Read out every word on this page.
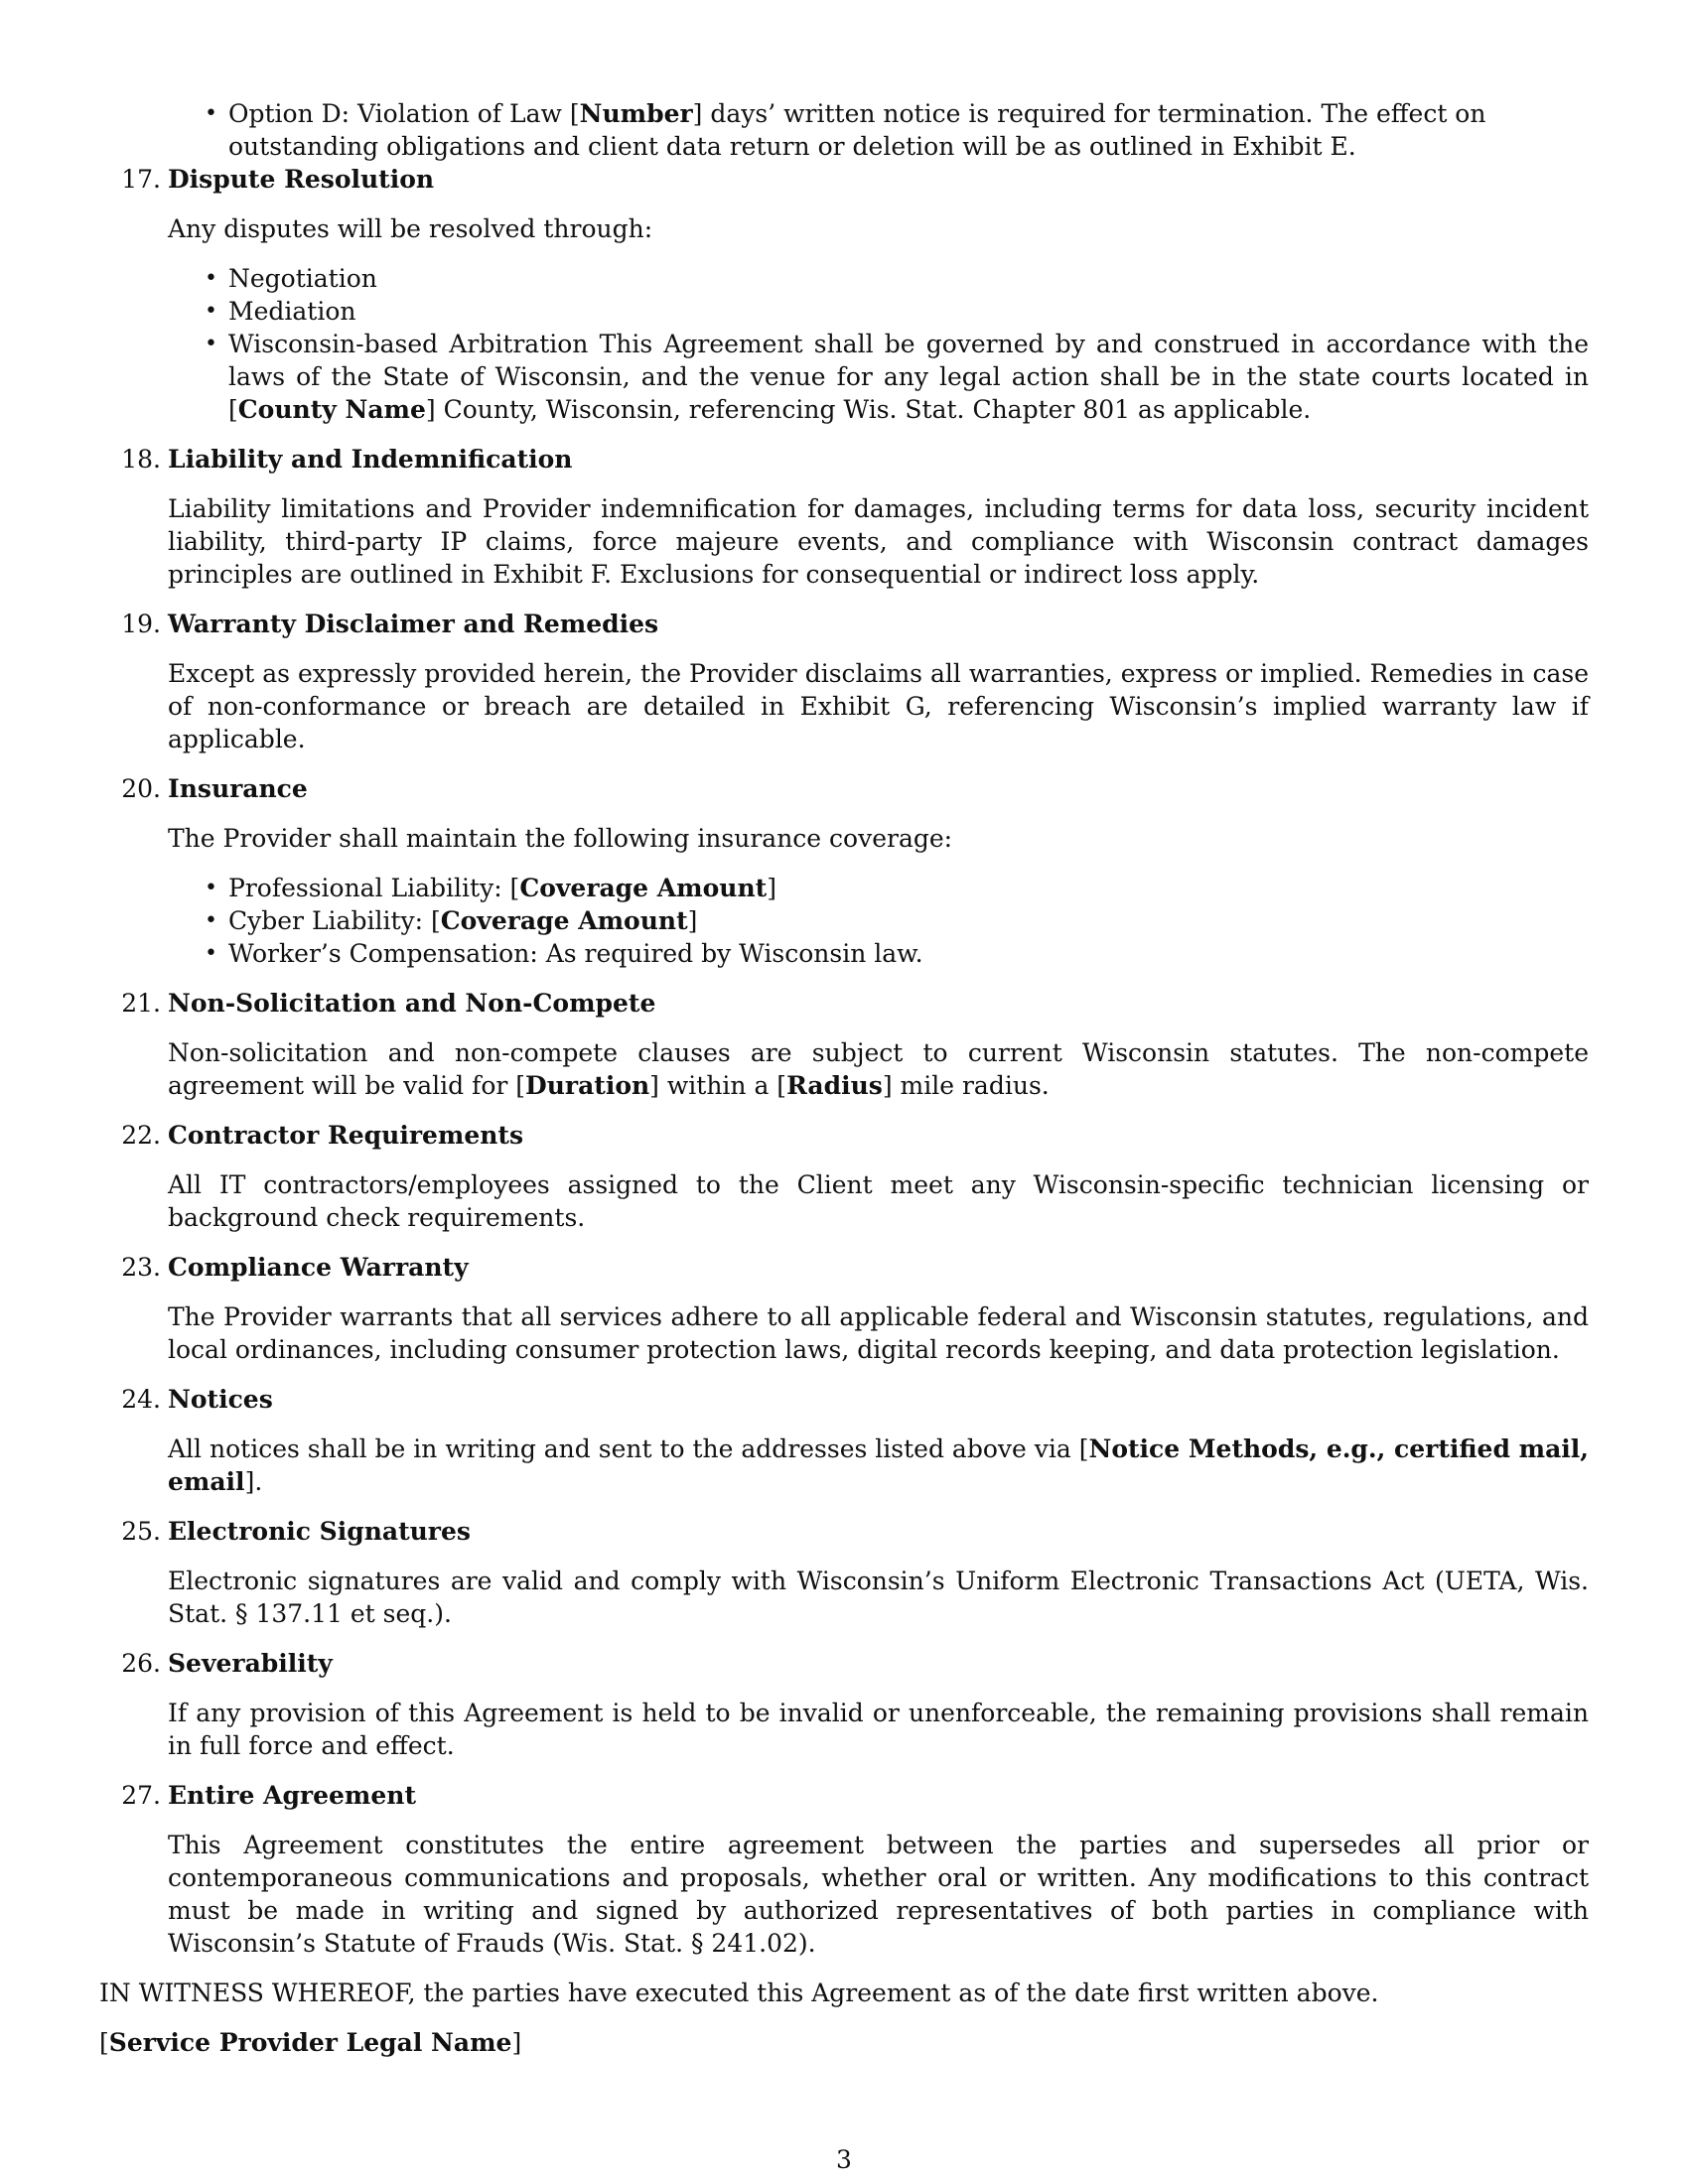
• Option D: Violation of Law [Number] days’ written notice is required for termination. The effect on outstanding obligations and client data return or deletion will be as outlined in Exhibit E.
17. Dispute Resolution
Any disputes will be resolved through:
• Negotiation
• Mediation
• Wisconsin-based Arbitration This Agreement shall be governed by and construed in accordance with the laws of the State of Wisconsin, and the venue for any legal action shall be in the state courts located in [County Name] County, Wisconsin, referencing Wis. Stat. Chapter 801 as applicable.
18. Liability and Indemnification
Liability limitations and Provider indemnification for damages, including terms for data loss, security incident liability, third-party IP claims, force majeure events, and compliance with Wisconsin contract damages principles are outlined in Exhibit F. Exclusions for consequential or indirect loss apply.
19. Warranty Disclaimer and Remedies
Except as expressly provided herein, the Provider disclaims all warranties, express or implied. Remedies in case of non-conformance or breach are detailed in Exhibit G, referencing Wisconsin’s implied warranty law if applicable.
20. Insurance
The Provider shall maintain the following insurance coverage:
• Professional Liability: [Coverage Amount]
• Cyber Liability: [Coverage Amount]
• Worker’s Compensation: As required by Wisconsin law.
21. Non-Solicitation and Non-Compete
Non-solicitation and non-compete clauses are subject to current Wisconsin statutes. The non-compete agreement will be valid for [Duration] within a [Radius] mile radius.
22. Contractor Requirements
All IT contractors/employees assigned to the Client meet any Wisconsin-specific technician licensing or background check requirements.
23. Compliance Warranty
The Provider warrants that all services adhere to all applicable federal and Wisconsin statutes, regulations, and local ordinances, including consumer protection laws, digital records keeping, and data protection legislation.
24. Notices
All notices shall be in writing and sent to the addresses listed above via [Notice Methods, e.g., certified mail, email].
25. Electronic Signatures
Electronic signatures are valid and comply with Wisconsin’s Uniform Electronic Transactions Act (UETA, Wis. Stat. § 137.11 et seq.).
26. Severability
If any provision of this Agreement is held to be invalid or unenforceable, the remaining provisions shall remain in full force and effect.
27. Entire Agreement
This Agreement constitutes the entire agreement between the parties and supersedes all prior or contemporaneous communications and proposals, whether oral or written. Any modifications to this contract must be made in writing and signed by authorized representatives of both parties in compliance with Wisconsin’s Statute of Frauds (Wis. Stat. § 241.02).
IN WITNESS WHEREOF, the parties have executed this Agreement as of the date first written above.
[Service Provider Legal Name]
3
